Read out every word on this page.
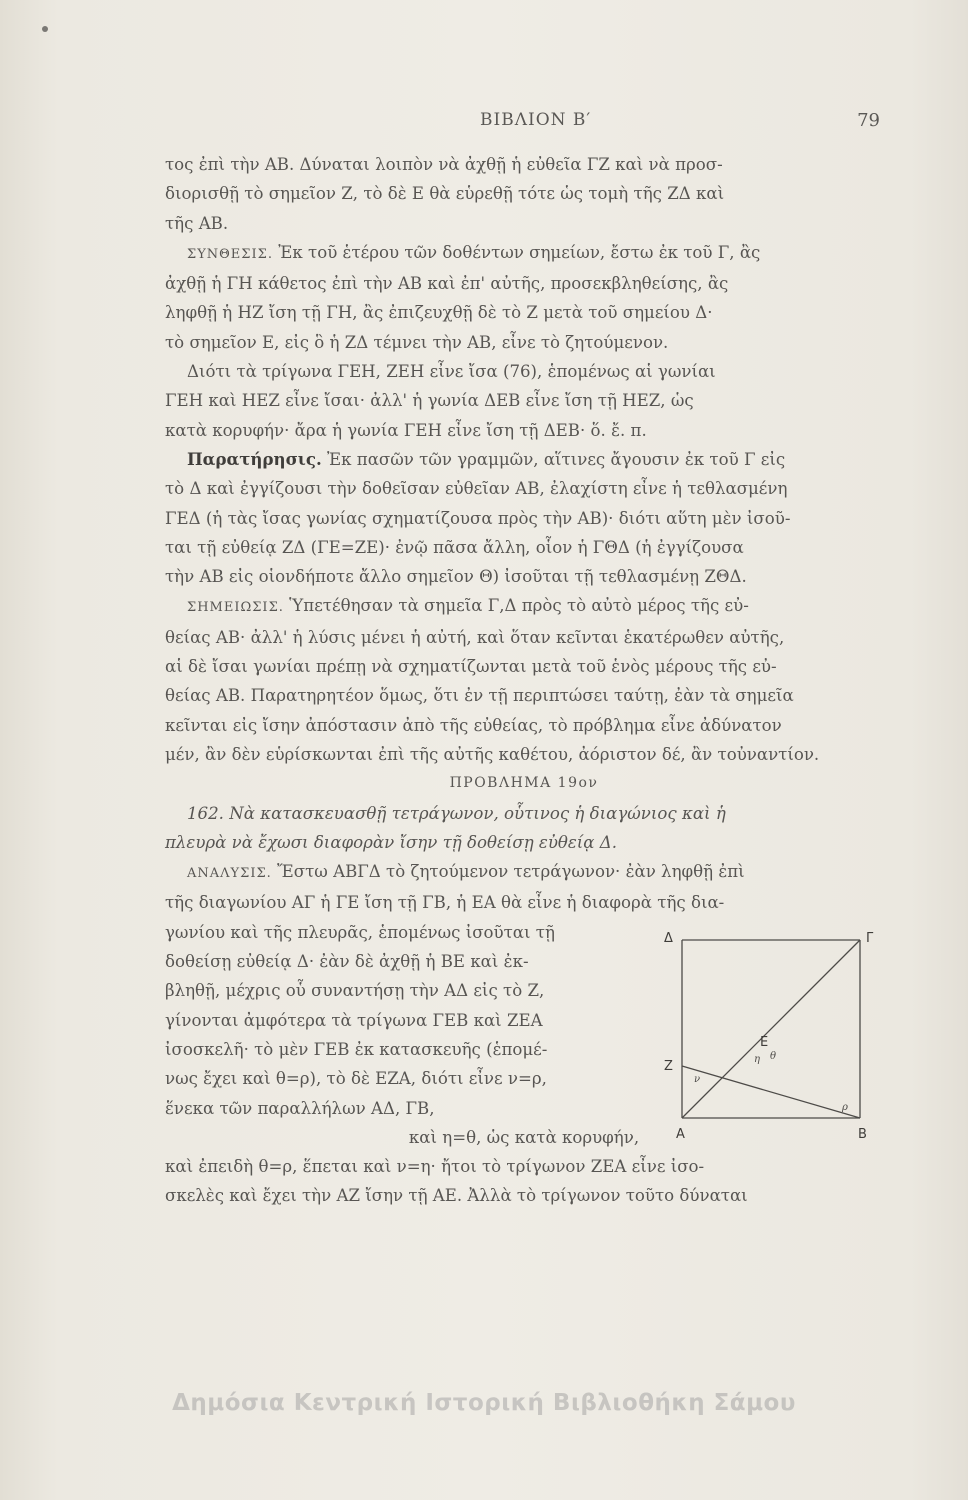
ΒΙΒΛΙΟΝ Β′	79

τος ἐπὶ τὴν ΑΒ. Δύναται λοιπὸν νὰ ἀχθῇ ἡ εὐθεῖα ΓΖ καὶ νὰ προσ-

διορισθῇ τὸ σημεῖον Ζ, τὸ δὲ Ε θὰ εὑρεθῇ τότε ὡς τομὴ τῆς ΖΔ καὶ

τῆς ΑΒ.

ΣΥΝΘΕΣΙΣ. Ἐκ τοῦ ἑτέρου τῶν δοθέντων σημείων, ἔστω ἐκ τοῦ Γ, ἂς

ἀχθῇ ἡ ΓΗ κάθετος ἐπὶ τὴν ΑΒ καὶ ἐπ' αὐτῆς, προσεκβληθείσης, ἂς

ληφθῇ ἡ ΗΖ ἴση τῇ ΓΗ, ἂς ἐπιζευχθῇ δὲ τὸ Ζ μετὰ τοῦ σημείου Δ·

τὸ σημεῖον Ε, εἰς ὃ ἡ ΖΔ τέμνει τὴν ΑΒ, εἶνε τὸ ζητούμενον.

Διότι τὰ τρίγωνα ΓΕΗ, ΖΕΗ εἶνε ἴσα (76), ἑπομένως αἱ γωνίαι

ΓΕΗ καὶ ΗΕΖ εἶνε ἴσαι· ἀλλ' ἡ γωνία ΔΕΒ εἶνε ἴση τῇ ΗΕΖ, ὡς

κατὰ κορυφήν· ἄρα ἡ γωνία ΓΕΗ εἶνε ἴση τῇ ΔΕΒ· ὅ. ἔ. π.

Παρατήρησις. Ἐκ πασῶν τῶν γραμμῶν, αἵτινες ἄγουσιν ἐκ τοῦ Γ εἰς

τὸ Δ καὶ ἐγγίζουσι τὴν δοθεῖσαν εὐθεῖαν ΑΒ, ἐλαχίστη εἶνε ἡ τεθλασμένη

ΓΕΔ (ἡ τὰς ἴσας γωνίας σχηματίζουσα πρὸς τὴν ΑΒ)· διότι αὕτη μὲν ἰσοῦ-

ται τῇ εὐθείᾳ ΖΔ (ΓΕ=ΖΕ)· ἐνῷ πᾶσα ἄλλη, οἷον ἡ ΓΘΔ (ἡ ἐγγίζουσα

τὴν ΑΒ εἰς οἱονδήποτε ἄλλο σημεῖον Θ) ἰσοῦται τῇ τεθλασμένῃ ΖΘΔ.

ΣΗΜΕΙΩΣΙΣ. Ὑπετέθησαν τὰ σημεῖα Γ,Δ πρὸς τὸ αὐτὸ μέρος τῆς εὐ-

θείας ΑΒ· ἀλλ' ἡ λύσις μένει ἡ αὐτή, καὶ ὅταν κεῖνται ἑκατέρωθεν αὐτῆς,

αἱ δὲ ἴσαι γωνίαι πρέπῃ νὰ σχηματίζωνται μετὰ τοῦ ἑνὸς μέρους τῆς εὐ-

θείας ΑΒ. Παρατηρητέον ὅμως, ὅτι ἐν τῇ περιπτώσει ταύτῃ, ἐὰν τὰ σημεῖα

κεῖνται εἰς ἴσην ἀπόστασιν ἀπὸ τῆς εὐθείας, τὸ πρόβλημα εἶνε ἀδύνατον

μέν, ἂν δὲν εὑρίσκωνται ἐπὶ τῆς αὐτῆς καθέτου, ἀόριστον δέ, ἂν τοὐναντίον.

ΠΡΟΒΛΗΜΑ 19ον

162. Νὰ κατασκευασθῇ τετράγωνον, οὗτινος ἡ διαγώνιος καὶ ἡ

πλευρὰ νὰ ἔχωσι διαφορὰν ἴσην τῇ δοθείσῃ εὐθείᾳ Δ.

ΑΝΑΛΥΣΙΣ. Ἔστω ΑΒΓΔ τὸ ζητούμενον τετράγωνον· ἐὰν ληφθῇ ἐπὶ

τῆς διαγωνίου ΑΓ ἡ ΓΕ ἴση τῇ ΓΒ, ἡ ΕΑ θὰ εἶνε ἡ διαφορὰ τῆς δια-

γωνίου καὶ τῆς πλευρᾶς, ἑπομένως ἰσοῦται τῇ

δοθείσῃ εὐθείᾳ Δ· ἐὰν δὲ ἀχθῇ ἡ ΒΕ καὶ ἐκ-

βληθῇ, μέχρις οὗ συναντήσῃ τὴν ΑΔ εἰς τὸ Ζ,

γίνονται ἀμφότερα τὰ τρίγωνα ΓΕΒ καὶ ΖΕΑ

ἰσοσκελῆ· τὸ μὲν ΓΕΒ ἐκ κατασκευῆς (ἑπομέ-

νως ἔχει καὶ θ=ρ), τὸ δὲ ΕΖΑ, διότι εἶνε ν=ρ,

ἕνεκα τῶν παραλλήλων ΑΔ, ΓΒ,

Δ	Γ
Z
E
A	B
ν
η θ
ρ

καὶ η=θ, ὡς κατὰ κορυφήν,

καὶ ἐπειδὴ θ=ρ, ἕπεται καὶ ν=η· ἤτοι τὸ τρίγωνον ΖΕΑ εἶνε ἰσο-

σκελὲς καὶ ἔχει τὴν ΑΖ ἴσην τῇ ΑΕ. Ἀλλὰ τὸ τρίγωνον τοῦτο δύναται

Δημόσια Κεντρική Ιστορική Βιβλιοθήκη Σάμου
